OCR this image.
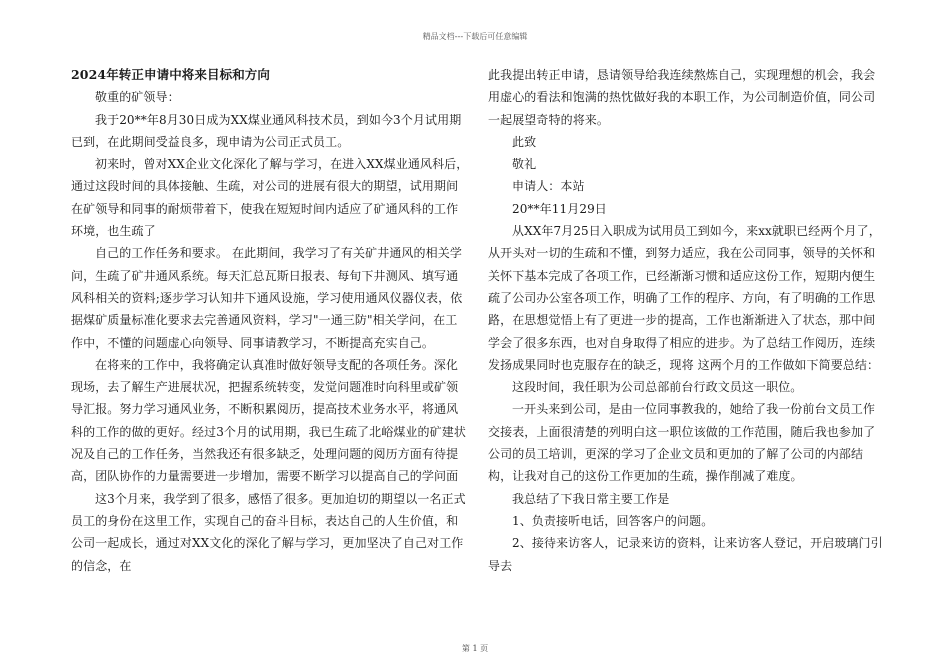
精品文档---下载后可任意编辑

2024年转正申请中将来目标和方向

敬重的矿领导：

我于20**年8月30日成为XX煤业通风科技术员，到如今3个月试用期已到，在此期间受益良多，现申请为公司正式员工。

初来时，曾对XX企业文化深化了解与学习，在进入XX煤业通风科后，通过这段时间的具体接触、生疏，对公司的进展有很大的期望，试用期间在矿领导和同事的耐烦带着下，使我在短短时间内适应了矿通风科的工作环境，也生疏了

自己的工作任务和要求。 在此期间，我学习了有关矿井通风的相关学问，生疏了矿井通风系统。每天汇总瓦斯日报表、每旬下井测风、填写通风科相关的资料;逐步学习认知井下通风设施，学习使用通风仪器仪表，依据煤矿质量标准化要求去完善通风资料，学习"一通三防"相关学问，在工作中，不懂的问题虚心向领导、同事请教学习，不断提高充实自己。

在将来的工作中，我将确定认真准时做好领导支配的各项任务。深化现场，去了解生产进展状况，把握系统转变，发觉问题准时向科里或矿领导汇报。努力学习通风业务，不断积累阅历，提高技术业务水平，将通风科的工作的做的更好。经过3个月的试用期，我已生疏了北峪煤业的矿建状况及自己的工作任务，当然我还有很多缺乏，处理问题的阅历方面有待提高，团队协作的力量需要进一步增加，需要不断学习以提高自己的学问面

这3个月来，我学到了很多，感悟了很多。更加迫切的期望以一名正式员工的身份在这里工作，实现自己的奋斗目标，表达自己的人生价值，和公司一起成长，通过对XX文化的深化了解与学习，更加坚决了自己对工作的信念，在

此我提出转正申请，恳请领导给我连续熬炼自己，实现理想的机会，我会用虚心的看法和饱满的热忱做好我的本职工作，为公司制造价值，同公司一起展望奇特的将来。

此致

敬礼

申请人：本站

20**年11月29日

从XX年7月25日入职成为试用员工到如今，来xx就职已经两个月了，从开头对一切的生疏和不懂，到努力适应，我在公司同事，领导的关怀和关怀下基本完成了各项工作，已经渐渐习惯和适应这份工作，短期内便生疏了公司办公室各项工作，明确了工作的程序、方向，有了明确的工作思路，在思想觉悟上有了更进一步的提高，工作也渐渐进入了状态，那中间学会了很多东西，也对自身取得了相应的进步。为了总结工作阅历，连续发扬成果同时也克服存在的缺乏，现将 这两个月的工作做如下简要总结：

这段时间，我任职为公司总部前台行政文员这一职位。

一开头来到公司，是由一位同事教我的，她给了我一份前台文员工作交接表，上面很清楚的列明白这一职位该做的工作范围，随后我也参加了公司的员工培训，更深的学习了企业文员和更加的了解了公司的内部结构，让我对自己的这份工作更加的生疏，操作削减了难度。

我总结了下我日常主要工作是

1、负责接听电话，回答客户的问题。

2、接待来访客人，记录来访的资料，让来访客人登记，开启玻璃门引导去

第 1 页
